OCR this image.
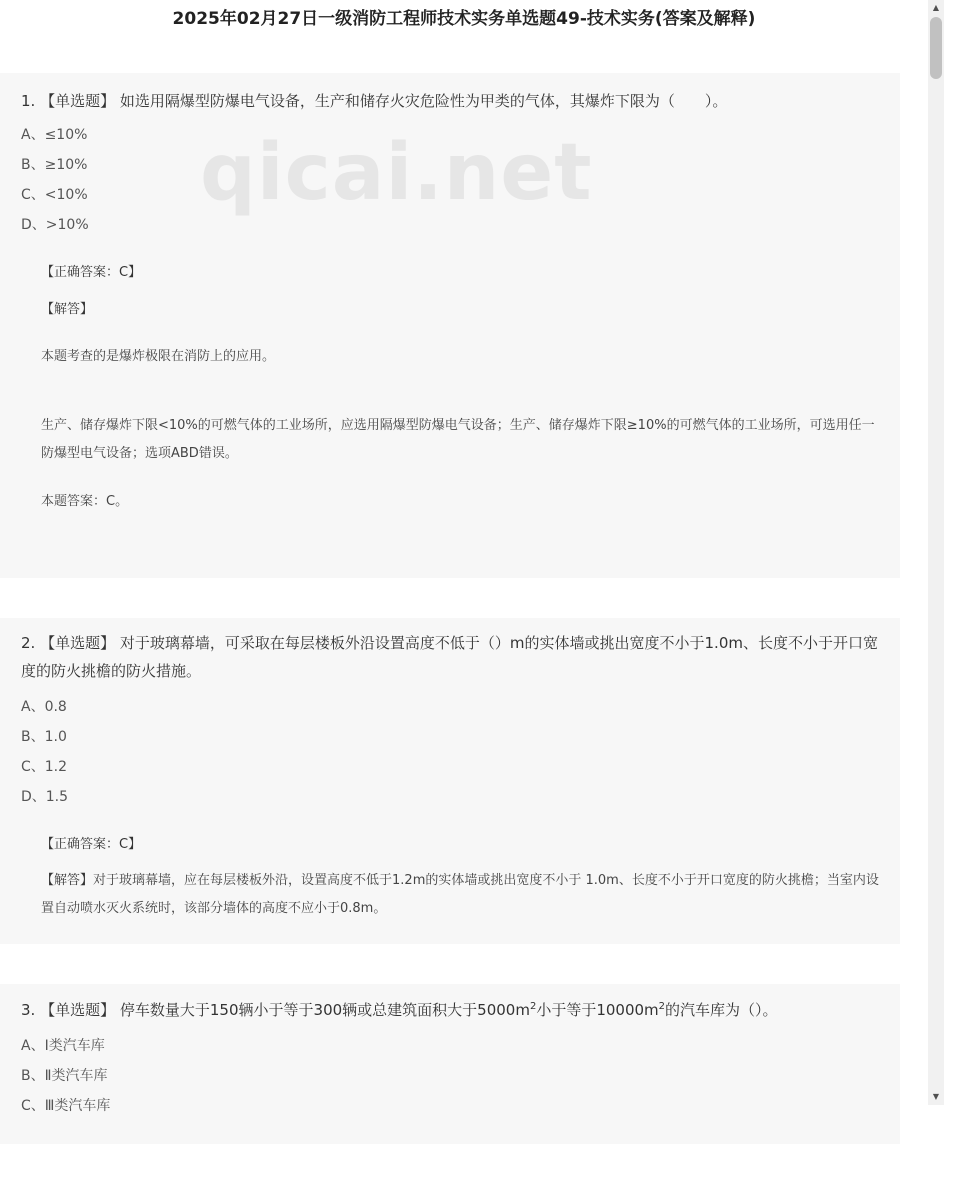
2025年02月27日一级消防工程师技术实务单选题49-技术实务(答案及解释)
1. 【单选题】 如选用隔爆型防爆电气设备，生产和储存火灾危险性为甲类的气体，其爆炸下限为（　　）。
A、≤10%
B、≥10%
C、<10%
D、>10%
【正确答案：C】
【解答】
本题考查的是爆炸极限在消防上的应用。
生产、储存爆炸下限<10%的可燃气体的工业场所，应选用隔爆型防爆电气设备；生产、储存爆炸下限≥10%的可燃气体的工业场所，可选用任一防爆型电气设备；选项ABD错误。
本题答案：C。
2. 【单选题】 对于玻璃幕墙，可采取在每层楼板外沿设置高度不低于（）m的实体墙或挑出宽度不小于1.0m、长度不小于开口宽度的防火挑檐的防火措施。
A、0.8
B、1.0
C、1.2
D、1.5
【正确答案：C】
【解答】对于玻璃幕墙，应在每层楼板外沿，设置高度不低于1.2m的实体墙或挑出宽度不小于 1.0m、长度不小于开口宽度的防火挑檐；当室内设置自动喷水灭火系统时，该部分墙体的高度不应小于0.8m。
3. 【单选题】 停车数量大于150辆小于等于300辆或总建筑面积大于$5000m^2$小于等于$10000m^2$的汽车库为（）。
A、Ⅰ类汽车库
B、Ⅱ类汽车库
C、Ⅲ类汽车库
qicai.net
▲
▼
